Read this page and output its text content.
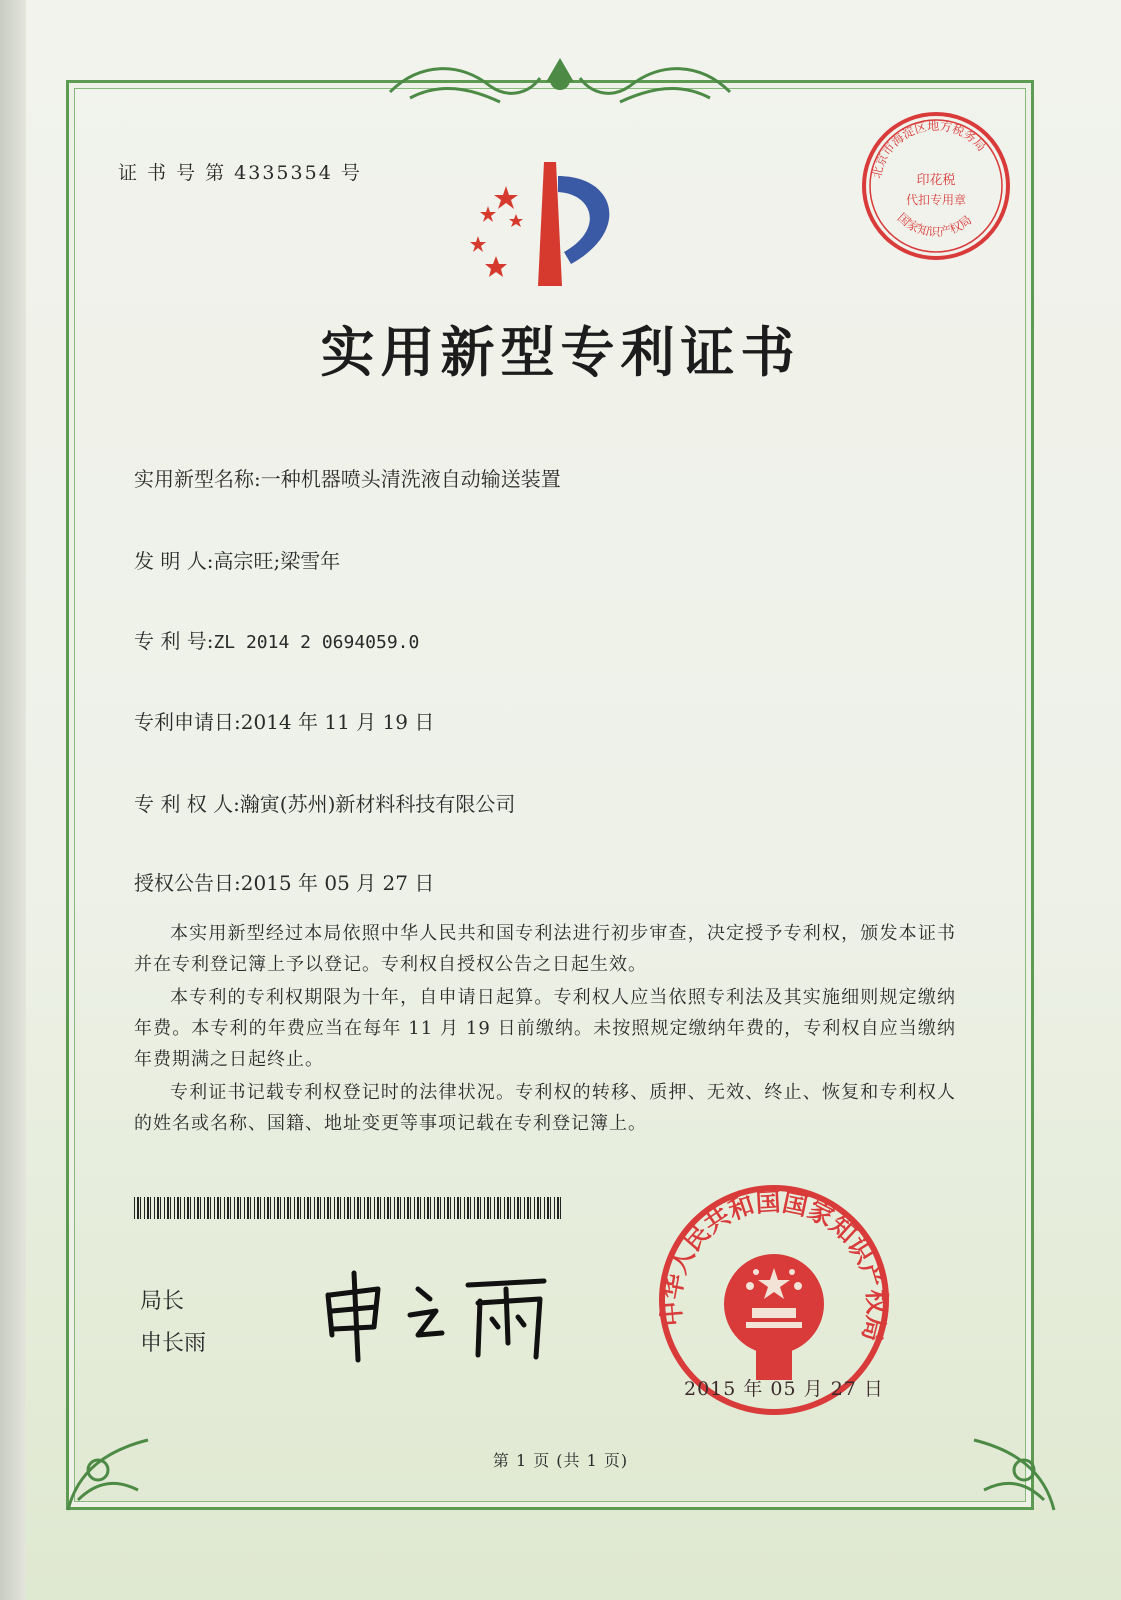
证 书 号 第 4335354 号	北京市海淀区地方税务局
印花税
代扣专用章
国家知识产权局
实用新型专利证书
实用新型名称:一种机器喷头清洗液自动输送装置
发 明 人:高宗旺;梁雪年
专 利 号:ZL 2014 2 0694059.0
专利申请日:2014 年 11 月 19 日
专 利 权 人:瀚寅(苏州)新材料科技有限公司
授权公告日:2015 年 05 月 27 日
本实用新型经过本局依照中华人民共和国专利法进行初步审查，决定授予专利权，颁发本证书并在专利登记簿上予以登记。专利权自授权公告之日起生效。
本专利的专利权期限为十年，自申请日起算。专利权人应当依照专利法及其实施细则规定缴纳年费。本专利的年费应当在每年 11 月 19 日前缴纳。未按照规定缴纳年费的，专利权自应当缴纳年费期满之日起终止。
专利证书记载专利权登记时的法律状况。专利权的转移、质押、无效、终止、恢复和专利权人的姓名或名称、国籍、地址变更等事项记载在专利登记簿上。
局长
申长雨
中华人民共和国国家知识产权局
2015 年 05 月 27 日
第 1 页 (共 1 页)
